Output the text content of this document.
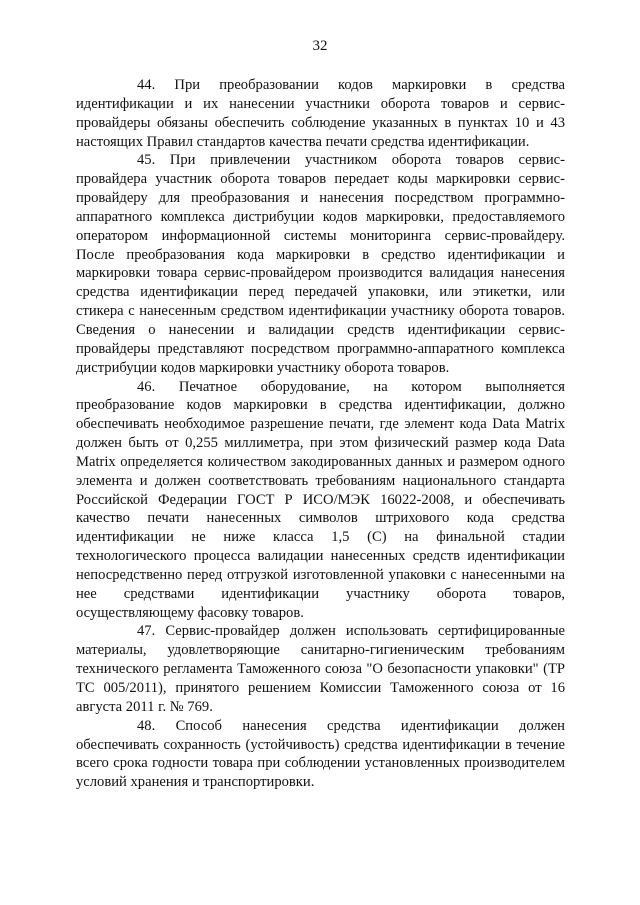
32

44. При преобразовании кодов маркировки в средства идентификации и их нанесении участники оборота товаров и сервис-провайдеры обязаны обеспечить соблюдение указанных в пунктах 10 и 43 настоящих Правил стандартов качества печати средства идентификации.

45. При привлечении участником оборота товаров сервис-провайдера участник оборота товаров передает коды маркировки сервис-провайдеру для преобразования и нанесения посредством программно-аппаратного комплекса дистрибуции кодов маркировки, предоставляемого оператором информационной системы мониторинга сервис-провайдеру. После преобразования кода маркировки в средство идентификации и маркировки товара сервис-провайдером производится валидация нанесения средства идентификации перед передачей упаковки, или этикетки, или стикера с нанесенным средством идентификации участнику оборота товаров. Сведения о нанесении и валидации средств идентификации сервис-провайдеры представляют посредством программно-аппаратного комплекса дистрибуции кодов маркировки участнику оборота товаров.

46. Печатное оборудование, на котором выполняется преобразование кодов маркировки в средства идентификации, должно обеспечивать необходимое разрешение печати, где элемент кода Data Matrix должен быть от 0,255 миллиметра, при этом физический размер кода Data Matrix определяется количеством закодированных данных и размером одного элемента и должен соответствовать требованиям национального стандарта Российской Федерации ГОСТ Р ИСО/МЭК 16022-2008, и обеспечивать качество печати нанесенных символов штрихового кода средства идентификации не ниже класса 1,5 (С) на финальной стадии технологического процесса валидации нанесенных средств идентификации непосредственно перед отгрузкой изготовленной упаковки с нанесенными на нее средствами идентификации участнику оборота товаров, осуществляющему фасовку товаров.

47. Сервис-провайдер должен использовать сертифицированные материалы, удовлетворяющие санитарно-гигиеническим требованиям технического регламента Таможенного союза "О безопасности упаковки" (ТР ТС 005/2011), принятого решением Комиссии Таможенного союза от 16 августа 2011 г. № 769.

48. Способ нанесения средства идентификации должен обеспечивать сохранность (устойчивость) средства идентификации в течение всего срока годности товара при соблюдении установленных производителем условий хранения и транспортировки.
